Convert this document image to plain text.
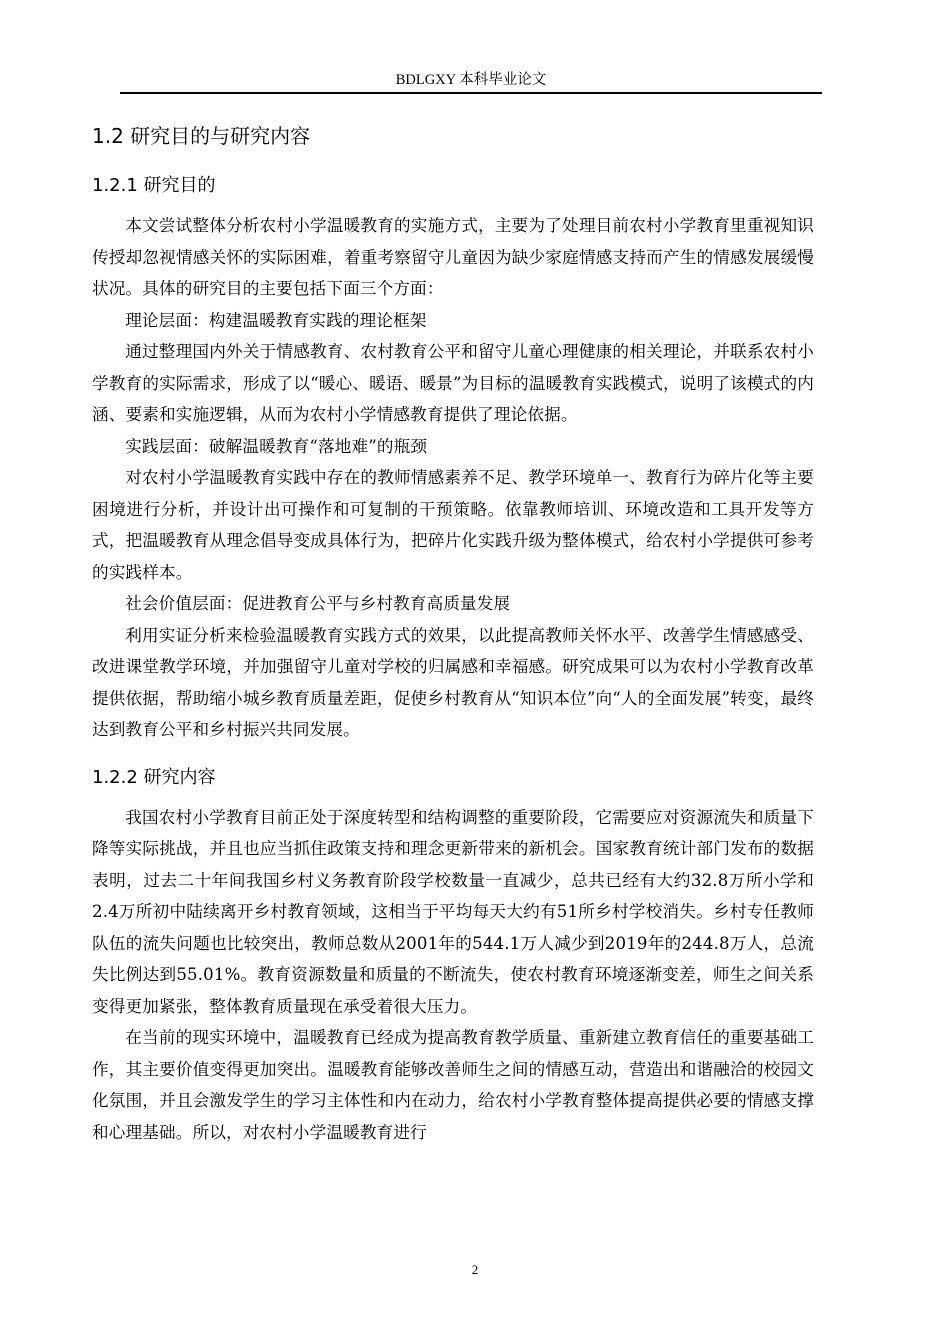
BDLGXY 本科毕业论文
1.2 研究目的与研究内容
1.2.1 研究目的

本文尝试整体分析农村小学温暖教育的实施方式，主要为了处理目前农村小学教育里重视知识传授却忽视情感关怀的实际困难，着重考察留守儿童因为缺少家庭情感支持而产生的情感发展缓慢状况。具体的研究目的主要包括下面三个方面：

理论层面：构建温暖教育实践的理论框架

通过整理国内外关于情感教育、农村教育公平和留守儿童心理健康的相关理论，并联系农村小学教育的实际需求，形成了以“暖心、暖语、暖景”为目标的温暖教育实践模式，说明了该模式的内涵、要素和实施逻辑，从而为农村小学情感教育提供了理论依据。

实践层面：破解温暖教育“落地难”的瓶颈

对农村小学温暖教育实践中存在的教师情感素养不足、教学环境单一、教育行为碎片化等主要困境进行分析，并设计出可操作和可复制的干预策略。依靠教师培训、环境改造和工具开发等方式，把温暖教育从理念倡导变成具体行为，把碎片化实践升级为整体模式，给农村小学提供可参考的实践样本。

社会价值层面：促进教育公平与乡村教育高质量发展

利用实证分析来检验温暖教育实践方式的效果，以此提高教师关怀水平、改善学生情感感受、改进课堂教学环境，并加强留守儿童对学校的归属感和幸福感。研究成果可以为农村小学教育改革提供依据，帮助缩小城乡教育质量差距，促使乡村教育从“知识本位”向“人的全面发展”转变，最终达到教育公平和乡村振兴共同发展。

1.2.2 研究内容

我国农村小学教育目前正处于深度转型和结构调整的重要阶段，它需要应对资源流失和质量下降等实际挑战，并且也应当抓住政策支持和理念更新带来的新机会。国家教育统计部门发布的数据表明，过去二十年间我国乡村义务教育阶段学校数量一直减少，总共已经有大约32.8万所小学和2.4万所初中陆续离开乡村教育领域，这相当于平均每天大约有51所乡村学校消失。乡村专任教师队伍的流失问题也比较突出，教师总数从2001年的544.1万人减少到2019年的244.8万人，总流失比例达到55.01%。教育资源数量和质量的不断流失，使农村教育环境逐渐变差，师生之间关系变得更加紧张，整体教育质量现在承受着很大压力。

在当前的现实环境中，温暖教育已经成为提高教育教学质量、重新建立教育信任的重要基础工作，其主要价值变得更加突出。温暖教育能够改善师生之间的情感互动，营造出和谐融洽的校园文化氛围，并且会激发学生的学习主体性和内在动力，给农村小学教育整体提高提供必要的情感支撑和心理基础。所以，对农村小学温暖教育进行

2
